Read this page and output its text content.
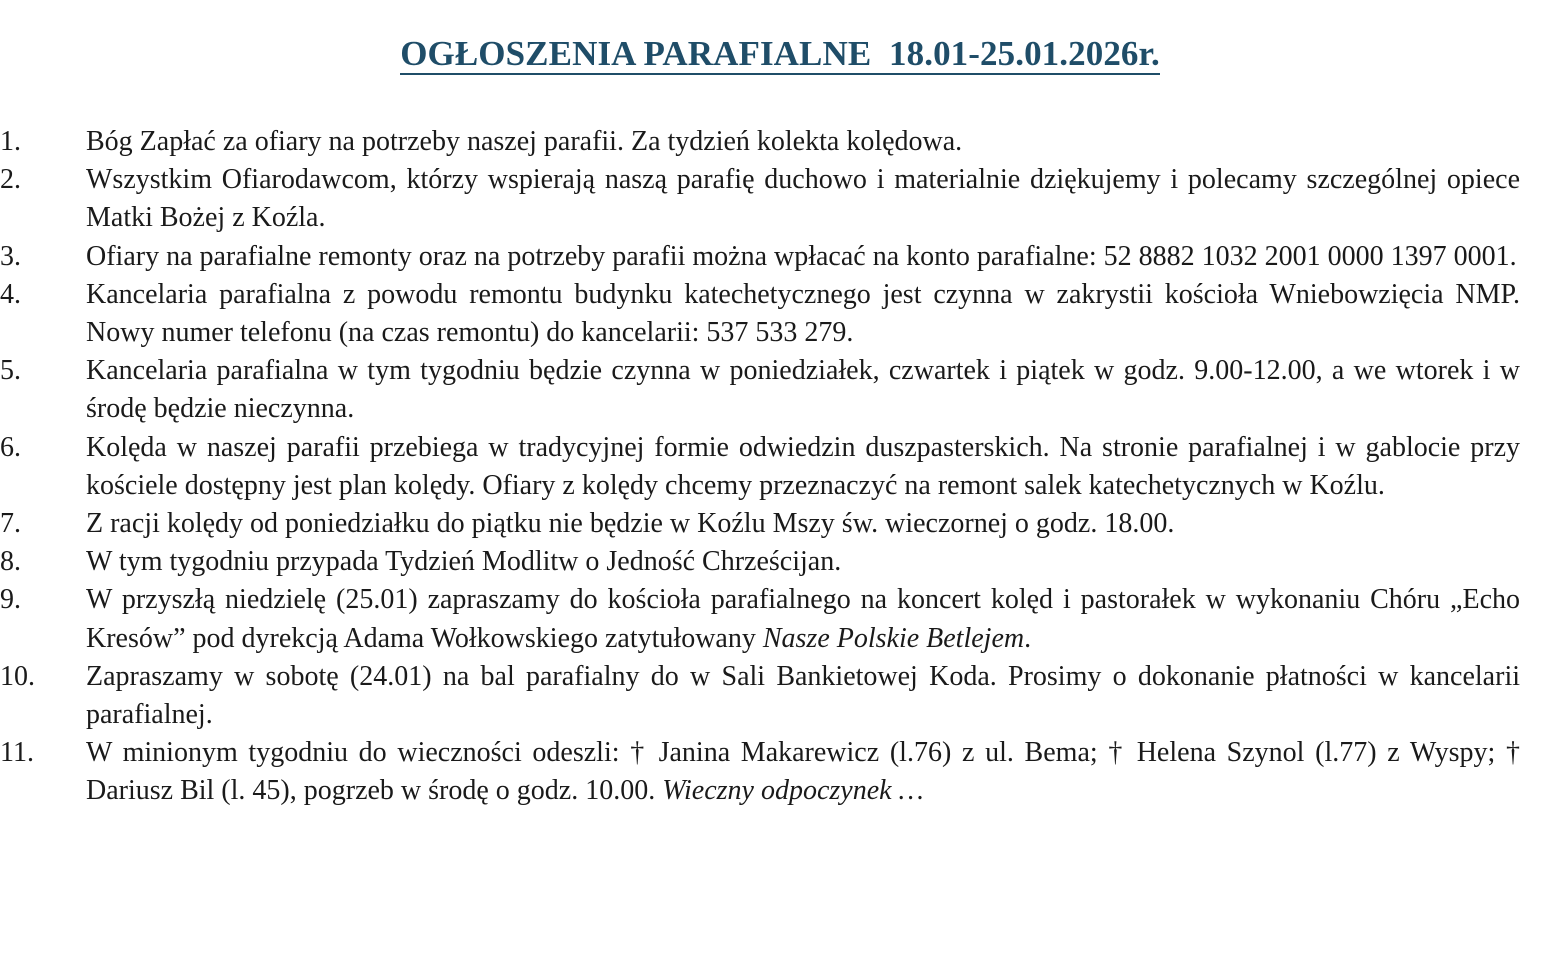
OGŁOSZENIA PARAFIALNE  18.01-25.01.2026r.
1.	Bóg Zapłać za ofiary na potrzeby naszej parafii. Za tydzień kolekta kolędowa.
2.	Wszystkim Ofiarodawcom, którzy wspierają naszą parafię duchowo i materialnie dziękujemy i polecamy szczególnej opiece Matki Bożej z Koźla.
3.	Ofiary na parafialne remonty oraz na potrzeby parafii można wpłacać na konto parafialne: 52 8882 1032 2001 0000 1397 0001.
4.	Kancelaria parafialna z powodu remontu budynku katechetycznego jest czynna w zakrystii kościoła Wniebowzięcia NMP. Nowy numer telefonu (na czas remontu) do kancelarii: 537 533 279.
5.	Kancelaria parafialna w tym tygodniu będzie czynna w poniedziałek, czwartek i piątek w godz. 9.00-12.00, a we wtorek i w środę będzie nieczynna.
6.	Kolęda w naszej parafii przebiega w tradycyjnej formie odwiedzin duszpasterskich. Na stronie parafialnej i w gablocie przy kościele dostępny jest plan kolędy. Ofiary z kolędy chcemy przeznaczyć na remont salek katechetycznych w Koźlu.
7.	Z racji kolędy od poniedziałku do piątku nie będzie w Koźlu Mszy św. wieczornej o godz. 18.00.
8.	W tym tygodniu przypada Tydzień Modlitw o Jedność Chrześcijan.
9.	W przyszłą niedzielę (25.01) zapraszamy do kościoła parafialnego na koncert kolęd i pastorałek w wykonaniu Chóru „Echo Kresów” pod dyrekcją Adama Wołkowskiego zatytułowany Nasze Polskie Betlejem.
10.	Zapraszamy w sobotę (24.01) na bal parafialny do w Sali Bankietowej Koda. Prosimy o dokonanie płatności w kancelarii parafialnej.
11.	W minionym tygodniu do wieczności odeszli: † Janina Makarewicz (l.76) z ul. Bema; † Helena Szynol (l.77) z Wyspy; † Dariusz Bil (l. 45), pogrzeb w środę o godz. 10.00. Wieczny odpoczynek …
